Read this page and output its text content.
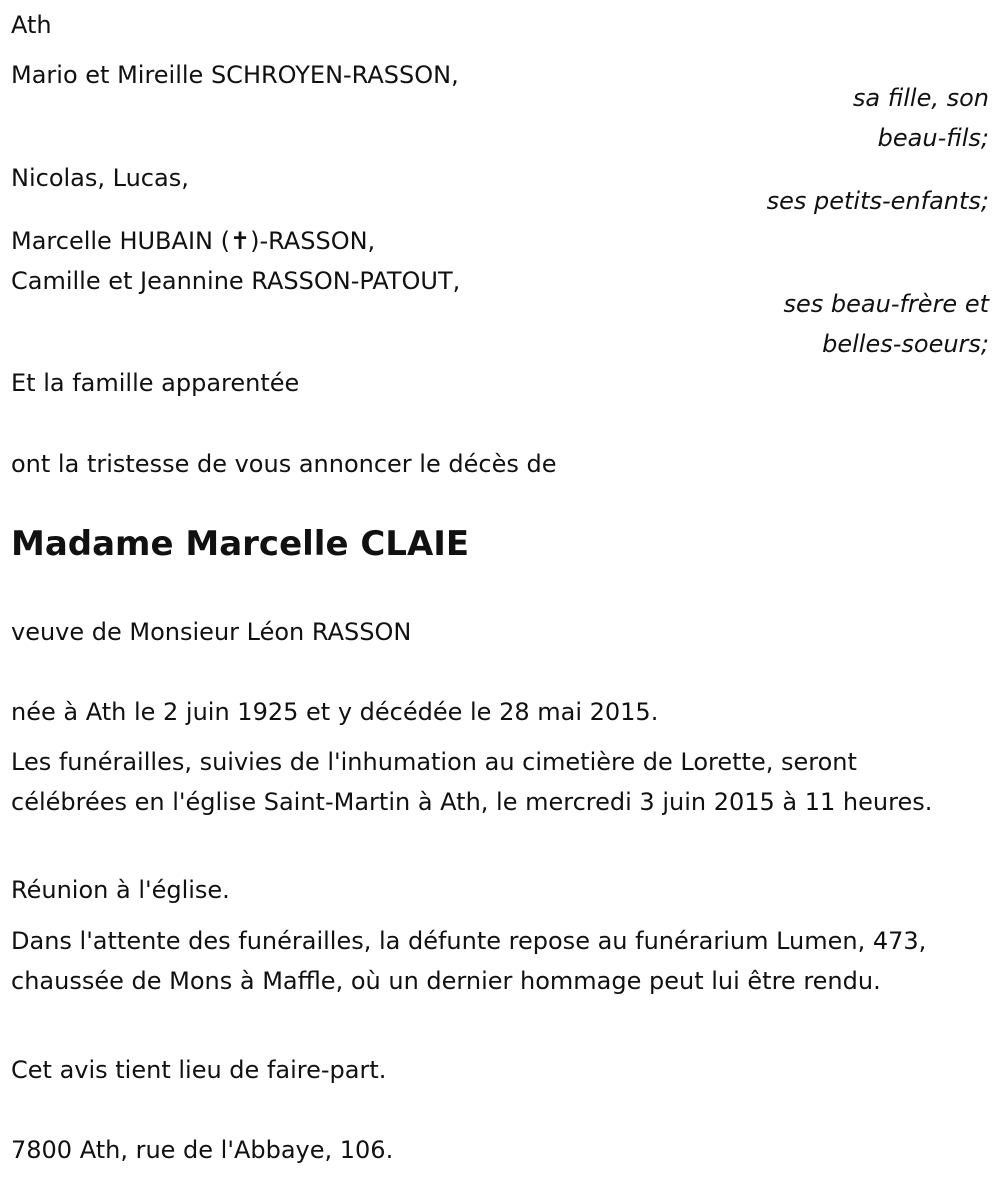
Ath

Mario et Mireille SCHROYEN-RASSON,

sa fille, son
beau-fils;

Nicolas, Lucas,

ses petits-enfants;

Marcelle HUBAIN (✝)-RASSON,

Camille et Jeannine RASSON-PATOUT,

ses beau-frère et
belles-soeurs;

Et la famille apparentée

ont la tristesse de vous annoncer le décès de

Madame Marcelle CLAIE

veuve de Monsieur Léon RASSON

née à Ath le 2 juin 1925 et y décédée le 28 mai 2015.

Les funérailles, suivies de l'inhumation au cimetière de Lorette, seront célébrées en l'église Saint-Martin à Ath, le mercredi 3 juin 2015 à 11 heures.

Réunion à l'église.

Dans l'attente des funérailles, la défunte repose au funérarium Lumen, 473, chaussée de Mons à Maffle, où un dernier hommage peut lui être rendu.

Cet avis tient lieu de faire-part.

7800 Ath, rue de l'Abbaye, 106.
